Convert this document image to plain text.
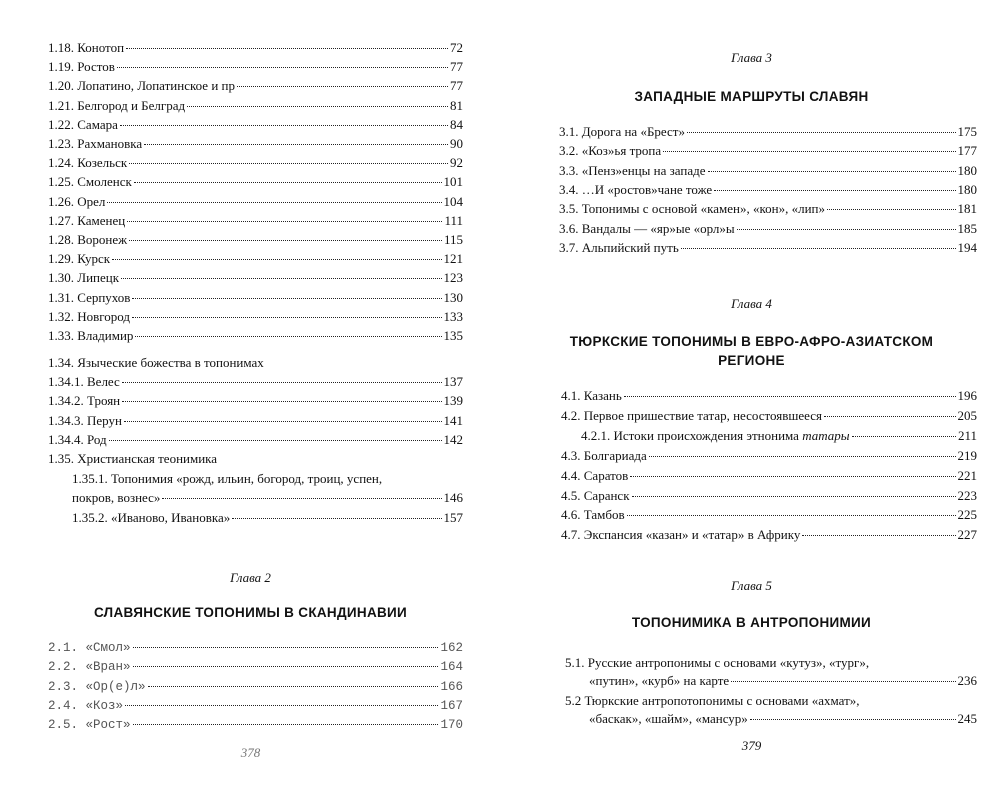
1.18. Конотоп	72
1.19. Ростов	77
1.20. Лопатино, Лопатинское и пр	77
1.21. Белгород и Белград	81
1.22. Самара	84
1.23. Рахмановка	90
1.24. Козельск	92
1.25. Смоленск	101
1.26. Орел	104
1.27. Каменец	111
1.28. Воронеж	115
1.29. Курск	121
1.30. Липецк	123
1.31. Серпухов	130
1.32. Новгород	133
1.33. Владимир	135
1.34. Языческие божества в топонимах
1.34.1. Велес	137
1.34.2. Троян	139
1.34.3. Перун	141
1.34.4. Род	142
1.35. Христианская теонимика
1.35.1. Топонимия «рожд, ильин, богород, троиц, успен,
покров, вознес»	146
1.35.2. «Иваново, Ивановка»	157
Глава 2
СЛАВЯНСКИЕ ТОПОНИМЫ В СКАНДИНАВИИ
2.1. «Смол»	162
2.2. «Вран»	164
2.3. «Ор(е)л»	166
2.4. «Коз»	167
2.5. «Рост»	170
378
Глава 3
ЗАПАДНЫЕ МАРШРУТЫ СЛАВЯН
3.1. Дорога на «Брест»	175
3.2. «Коз»ья тропа	177
3.3. «Пенз»енцы на западе	180
3.4. …И «ростов»чане тоже	180
3.5. Топонимы с основой «камен», «кон», «лип»	181
3.6. Вандалы — «яр»ые «орл»ы	185
3.7. Альпийский путь	194
Глава 4
ТЮРКСКИЕ ТОПОНИМЫ В ЕВРО-АФРО-АЗИАТСКОМ
РЕГИОНЕ
4.1. Казань	196
4.2. Первое пришествие татар, несостоявшееся	205
4.2.1. Истоки происхождения этнонима татары	211
4.3. Болгариада	219
4.4. Саратов	221
4.5. Саранск	223
4.6. Тамбов	225
4.7. Экспансия «казан» и «татар» в Африку	227
Глава 5
ТОПОНИМИКА В АНТРОПОНИМИИ
5.1. Русские антропонимы с основами «кутуз», «тург»,
«путин», «курб» на карте	236
5.2 Тюркские антропотопонимы с основами «ахмат»,
«баскак», «шайм», «мансур»	245
379
